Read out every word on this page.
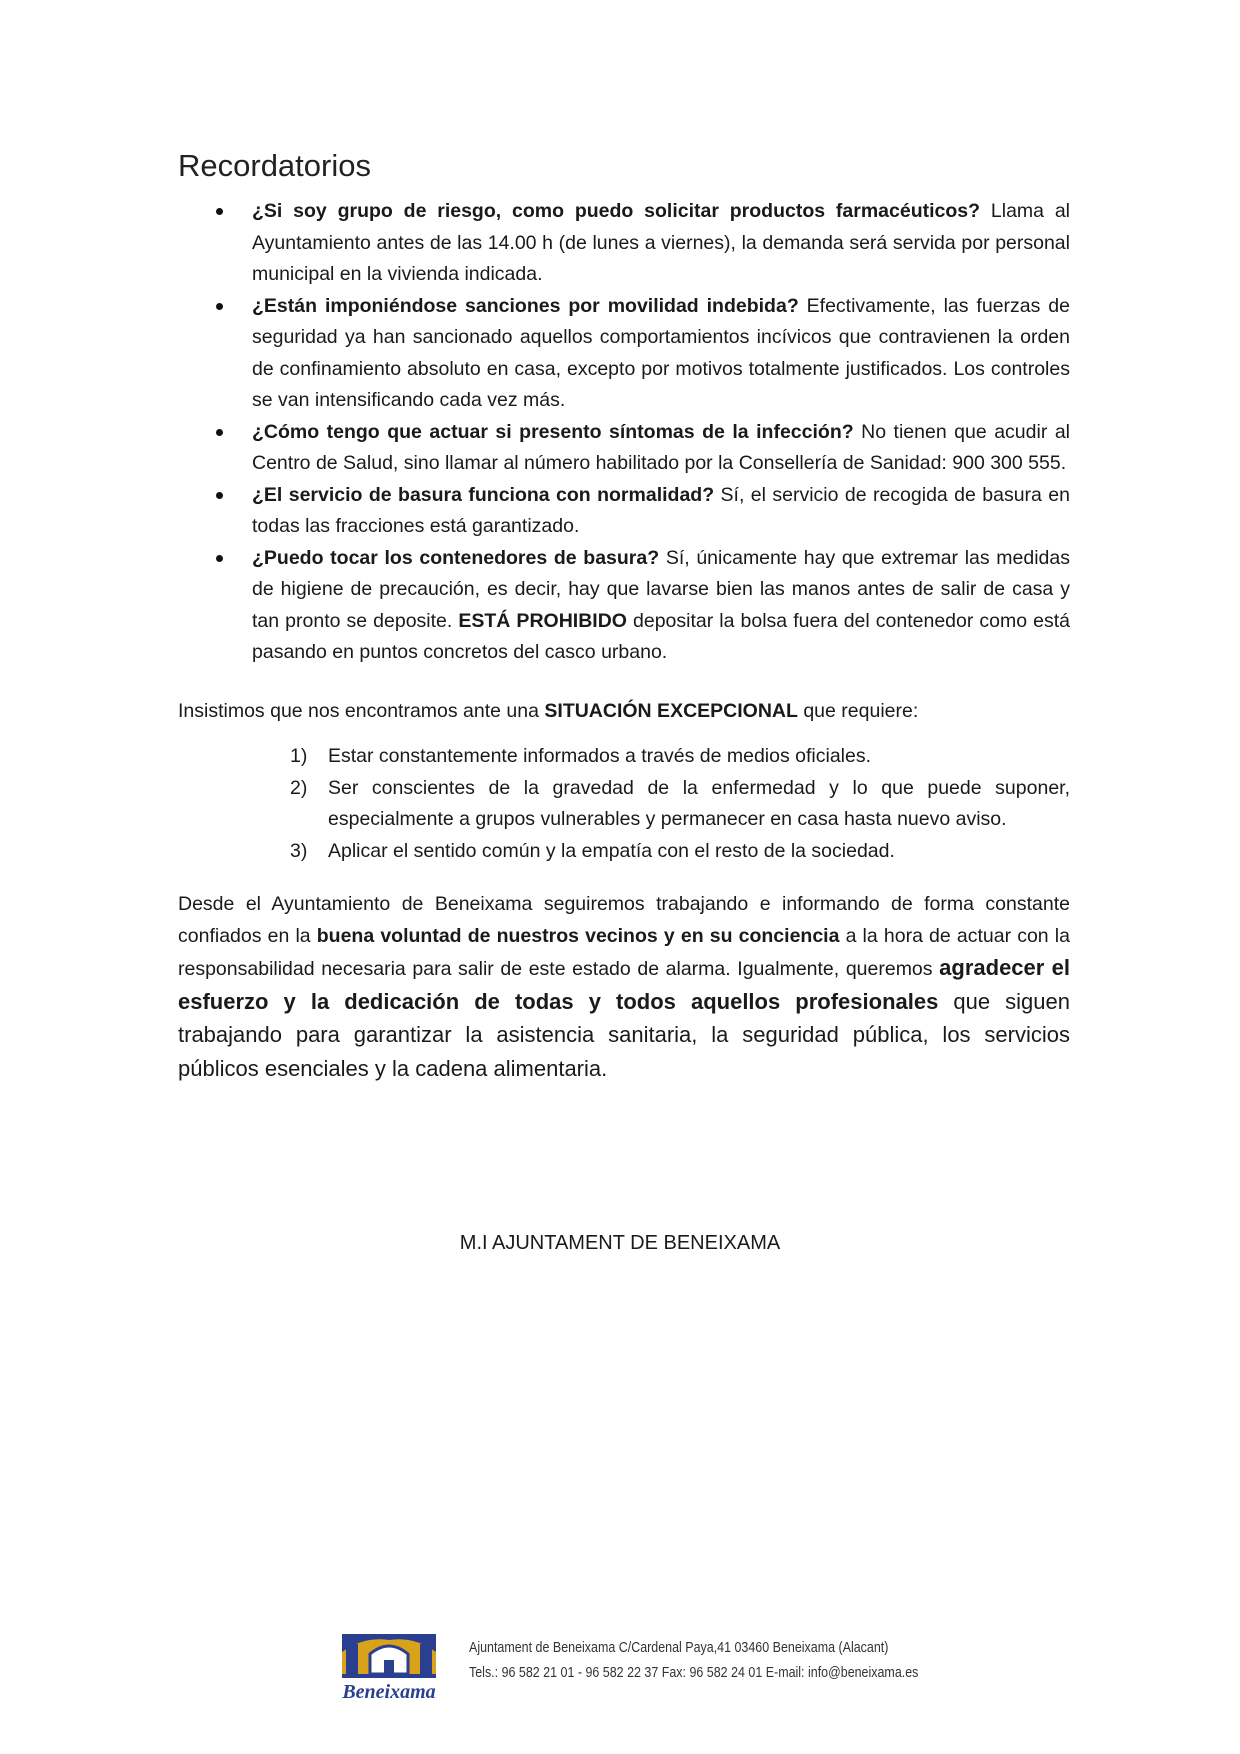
Recordatorios
¿Si soy grupo de riesgo, como puedo solicitar productos farmacéuticos? Llama al Ayuntamiento antes de las 14.00 h (de lunes a viernes), la demanda será servida por personal municipal en la vivienda indicada.
¿Están imponiéndose sanciones por movilidad indebida? Efectivamente, las fuerzas de seguridad ya han sancionado aquellos comportamientos incívicos que contravienen la orden de confinamiento absoluto en casa, excepto por motivos totalmente justificados. Los controles se van intensificando cada vez más.
¿Cómo tengo que actuar si presento síntomas de la infección? No tienen que acudir al Centro de Salud, sino llamar al número habilitado por la Consellería de Sanidad: 900 300 555.
¿El servicio de basura funciona con normalidad? Sí, el servicio de recogida de basura en todas las fracciones está garantizado.
¿Puedo tocar los contenedores de basura? Sí, únicamente hay que extremar las medidas de higiene de precaución, es decir, hay que lavarse bien las manos antes de salir de casa y tan pronto se deposite. ESTÁ PROHIBIDO depositar la bolsa fuera del contenedor como está pasando en puntos concretos del casco urbano.

Insistimos que nos encontramos ante una SITUACIÓN EXCEPCIONAL que requiere:

1) Estar constantemente informados a través de medios oficiales.
2) Ser conscientes de la gravedad de la enfermedad y lo que puede suponer, especialmente a grupos vulnerables y permanecer en casa hasta nuevo aviso.
3) Aplicar el sentido común y la empatía con el resto de la sociedad.

Desde el Ayuntamiento de Beneixama seguiremos trabajando e informando de forma constante confiados en la buena voluntad de nuestros vecinos y en su conciencia a la hora de actuar con la responsabilidad necesaria para salir de este estado de alarma. Igualmente, queremos agradecer el esfuerzo y la dedicación de todas y todos aquellos profesionales que siguen trabajando para garantizar la asistencia sanitaria, la seguridad pública, los servicios públicos esenciales y la cadena alimentaria.

M.I AJUNTAMENT DE BENEIXAMA
Beneixama
Ajuntament de Beneixama C/Cardenal Paya,41 03460 Beneixama (Alacant)
Tels.: 96 582 21 01 - 96 582 22 37 Fax: 96 582 24 01 E-mail: info@beneixama.es
